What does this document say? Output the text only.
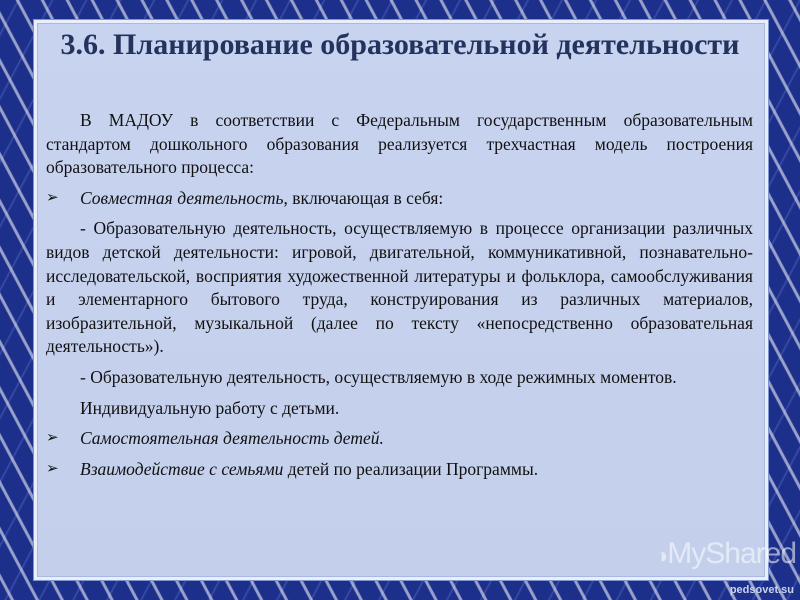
3.6. Планирование образовательной деятельности

В МАДОУ в соответствии с Федеральным государственным образовательным стандартом дошкольного образования реализуется трехчастная модель построения образовательного процесса:

➢	Совместная деятельность, включающая в себя:

- Образовательную деятельность, осуществляемую в процессе организации различных видов детской деятельности: игровой, двигательной, коммуникативной, познавательно-исследовательской, восприятия художественной литературы и фольклора, самообслуживания и элементарного бытового труда, конструирования из различных материалов, изобразительной, музыкальной (далее по тексту «непосредственно образовательная деятельность»).

- Образовательную деятельность, осуществляемую в ходе режимных моментов.

Индивидуальную работу с детьми.

➢	Самостоятельная деятельность детей.
➢	Взаимодействие с семьями детей по реализации Программы.
◑MyShared
pedsovet.su
